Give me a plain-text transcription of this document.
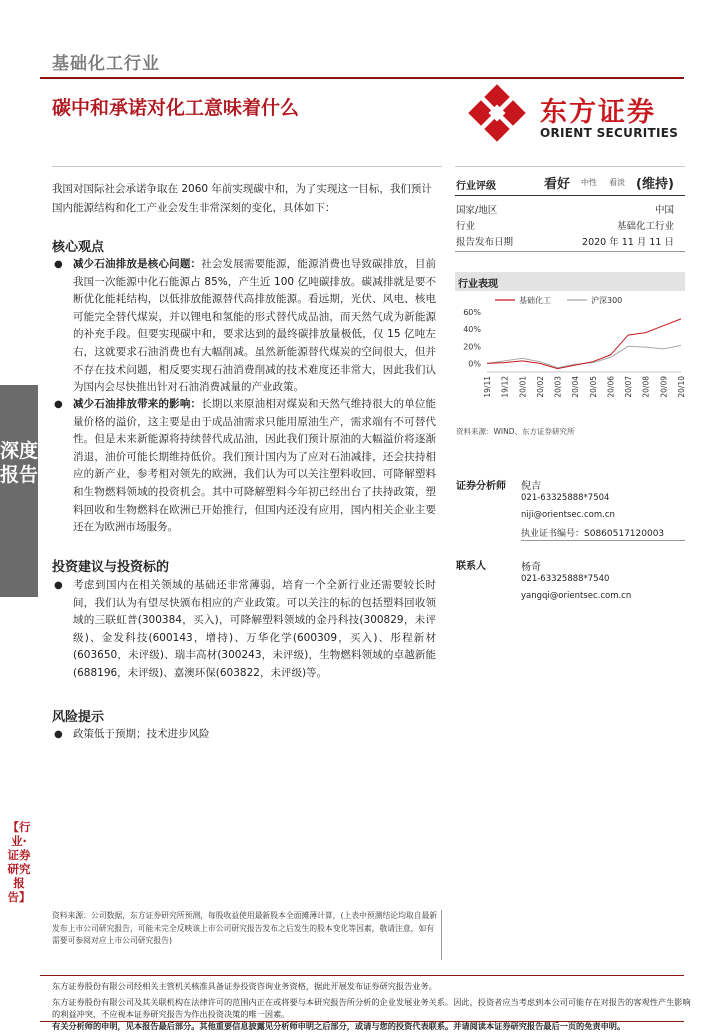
基础化工行业
碳中和承诺对化工意味着什么	东方证券
ORIENT SECURITIES
我国对国际社会承诺争取在 2060 年前实现碳中和，为了实现这一目标，我们预计国内能源结构和化工产业会发生非常深刻的变化，具体如下：
核心观点
● 减少石油排放是核心问题：社会发展需要能源，能源消费也导致碳排放，目前我国一次能源中化石能源占 85%，产生近 100 亿吨碳排放。碳减排就是要不断优化能耗结构，以低排放能源替代高排放能源。看远期，光伏、风电、核电可能完全替代煤炭，并以锂电和氢能的形式替代成品油，而天然气成为新能源的补充手段。但要实现碳中和，要求达到的最终碳排放量极低，仅 15 亿吨左右，这就要求石油消费也有大幅削减。虽然新能源替代煤炭的空间很大，但并不存在技术问题，相反要实现石油消费削减的技术难度还非常大，因此我们认为国内会尽快推出针对石油消费减量的产业政策。
● 减少石油排放带来的影响：长期以来原油相对煤炭和天然气维持很大的单位能量价格的溢价，这主要是由于成品油需求只能用原油生产，需求端有不可替代性。但是未来新能源将持续替代成品油，因此我们预计原油的大幅溢价将逐渐消退，油价可能长期维持低价。我们预计国内为了应对石油减排，还会扶持相应的新产业，参考相对领先的欧洲，我们认为可以关注塑料收回、可降解塑料和生物燃料领域的投资机会。其中可降解塑料今年初已经出台了扶持政策，塑料回收和生物燃料在欧洲已开始推行，但国内还没有应用，国内相关企业主要还在为欧洲市场服务。
投资建议与投资标的
● 考虑到国内在相关领域的基础还非常薄弱，培育一个全新行业还需要较长时间，我们认为有望尽快颁布相应的产业政策。可以关注的标的包括塑料回收领域的三联虹普(300384，买入)，可降解塑料领域的金丹科技(300829，未评级)、金发科技(600143，增持)、万华化学(600309，买入)、彤程新材(603650，未评级)、瑞丰高材(300243，未评级)，生物燃料领域的卓越新能(688196，未评级)、嘉澳环保(603822，未评级)等。
风险提示
● 政策低于预期；技术进步风险
深度报告
【行业·证券研究报告】
行业评级	看好 中性 看淡 (维持)
国家/地区	中国
行业	基础化工行业
报告发布日期	2020 年 11 月 11 日
行业表现
基础化工	沪深300
60%
40%
20%
0%
19/11 19/12 20/01 20/02 20/03 20/04 20/05 20/06 20/07 20/08 20/09 20/10
资料来源：WIND、东方证券研究所
证券分析师 倪吉
021-63325888*7504
niji@orientsec.com.cn
执业证书编号：S0860517120003
联系人	杨奇
021-63325888*7540
yangqi@orientsec.com.cn
资料来源：公司数据，东方证券研究所预测，每股收益使用最新股本全面摊薄计算，(上表中预测结论均取自最新发布上市公司研究报告，可能未完全反映该上市公司研究报告发布之后发生的股本变化等因素，敬请注意，如有需要可参阅对应上市公司研究报告)
东方证券股份有限公司经相关主管机关核准具备证券投资咨询业务资格，据此开展发布证券研究报告业务。
东方证券股份有限公司及其关联机构在法律许可的范围内正在或将要与本研究报告所分析的企业发展业务关系。因此，投资者应当考虑到本公司可能存在对报告的客观性产生影响的利益冲突，不应视本证券研究报告为作出投资决策的唯一因素。
有关分析师的申明，见本报告最后部分。其他重要信息披露见分析师申明之后部分，或请与您的投资代表联系。并请阅读本证券研究报告最后一页的免责申明。
